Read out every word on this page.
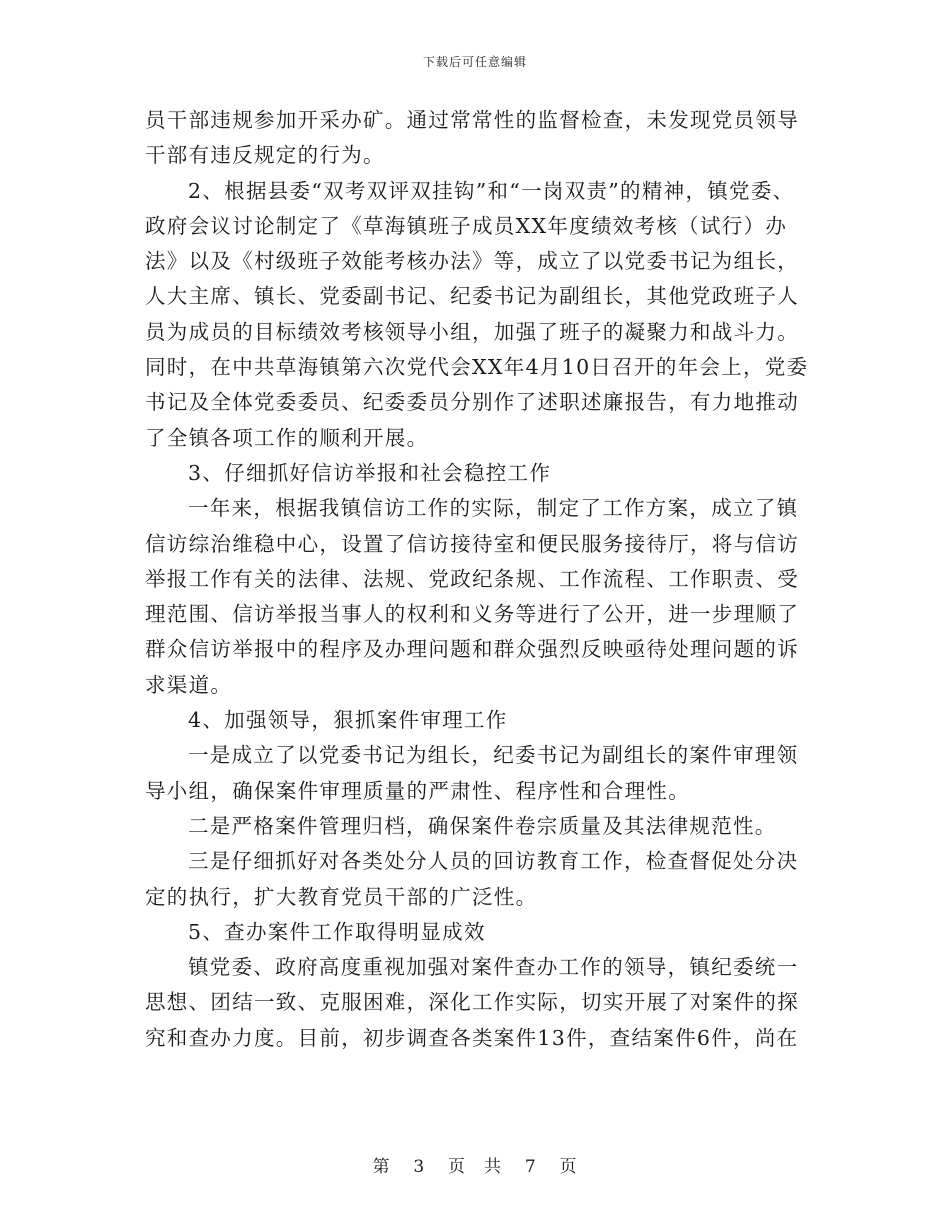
下载后可任意编辑
员干部违规参加开采办矿。通过常常性的监督检查，未发现党员领导
干部有违反规定的行为。
2、根据县委“双考双评双挂钩”和“一岗双责”的精神，镇党委、
政府会议讨论制定了《草海镇班子成员XX年度绩效考核（试行）办
法》以及《村级班子效能考核办法》等，成立了以党委书记为组长，
人大主席、镇长、党委副书记、纪委书记为副组长，其他党政班子人
员为成员的目标绩效考核领导小组，加强了班子的凝聚力和战斗力。
同时，在中共草海镇第六次党代会XX年4月10日召开的年会上，党委
书记及全体党委委员、纪委委员分别作了述职述廉报告，有力地推动
了全镇各项工作的顺利开展。
3、仔细抓好信访举报和社会稳控工作
一年来，根据我镇信访工作的实际，制定了工作方案，成立了镇
信访综治维稳中心，设置了信访接待室和便民服务接待厅，将与信访
举报工作有关的法律、法规、党政纪条规、工作流程、工作职责、受
理范围、信访举报当事人的权利和义务等进行了公开，进一步理顺了
群众信访举报中的程序及办理问题和群众强烈反映亟待处理问题的诉
求渠道。
4、加强领导，狠抓案件审理工作
一是成立了以党委书记为组长，纪委书记为副组长的案件审理领
导小组，确保案件审理质量的严肃性、程序性和合理性。
二是严格案件管理归档，确保案件卷宗质量及其法律规范性。
三是仔细抓好对各类处分人员的回访教育工作，检查督促处分决
定的执行，扩大教育党员干部的广泛性。
5、查办案件工作取得明显成效
镇党委、政府高度重视加强对案件查办工作的领导，镇纪委统一
思想、团结一致、克服困难，深化工作实际，切实开展了对案件的探
究和查办力度。目前，初步调查各类案件13件，查结案件6件，尚在
第 3 页　共 7 页
